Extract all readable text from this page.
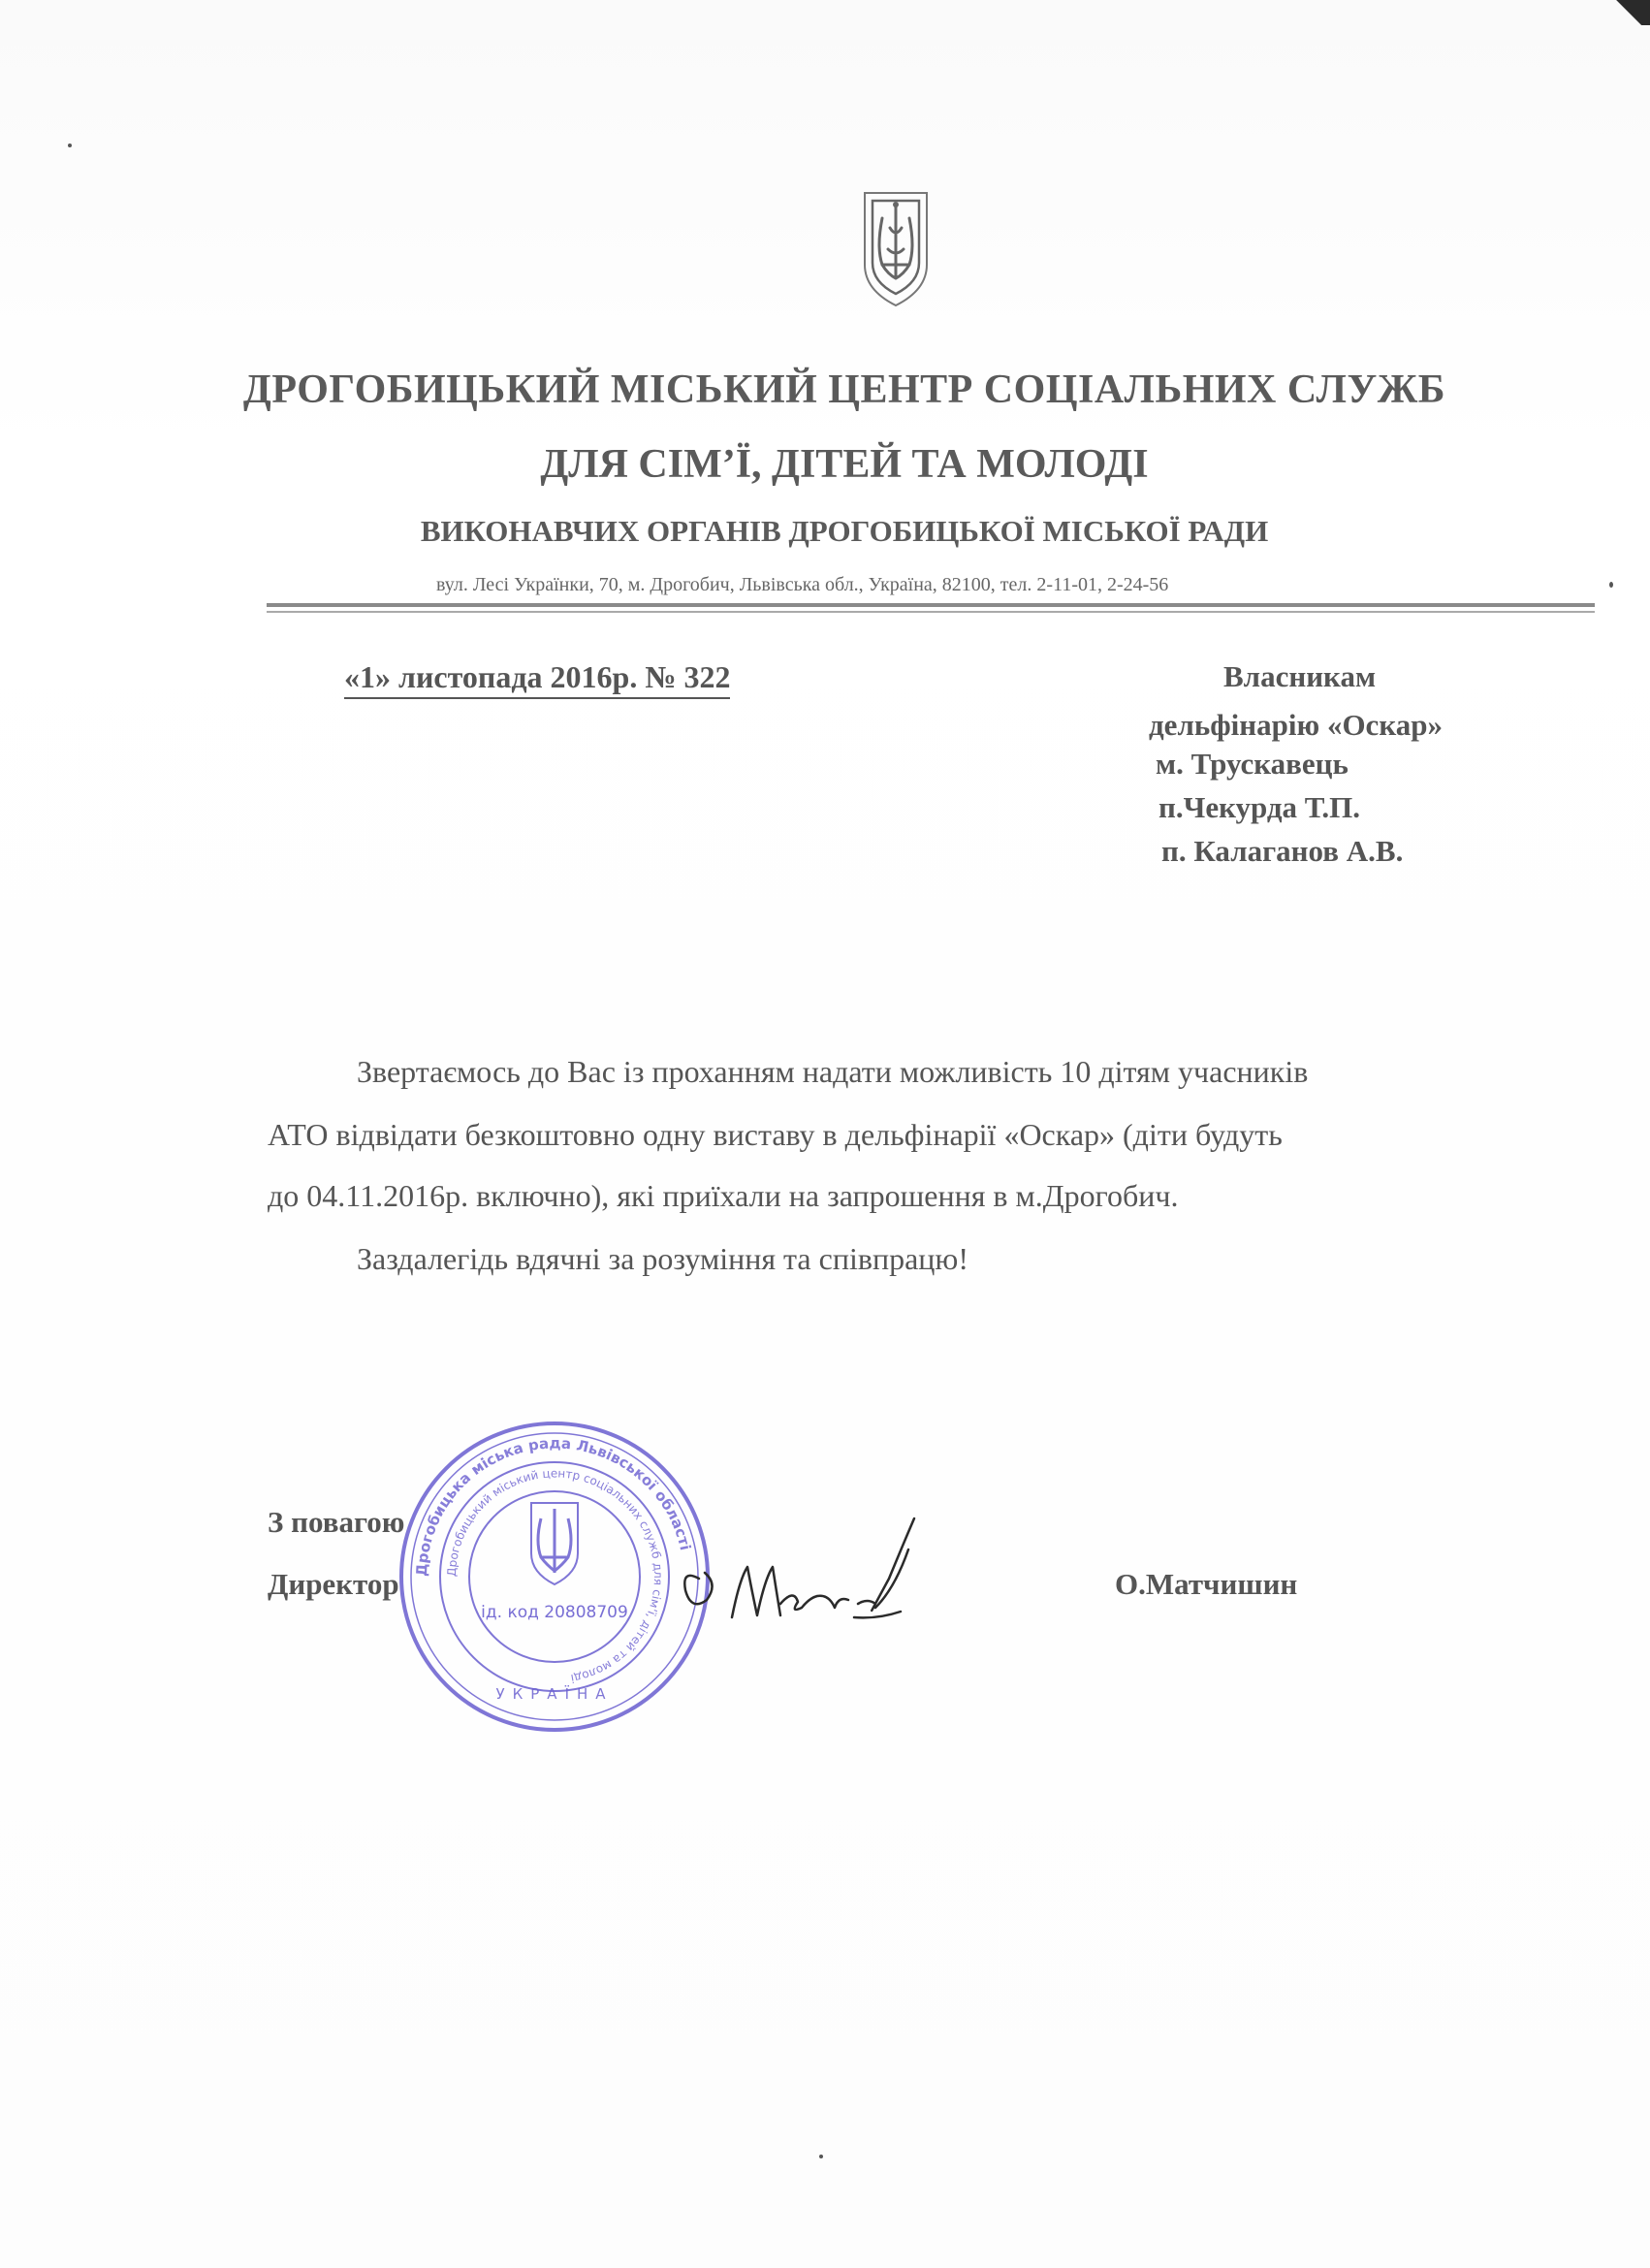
ДРОГОБИЦЬКИЙ МІСЬКИЙ ЦЕНТР СОЦІАЛЬНИХ СЛУЖБ
ДЛЯ СІМ’Ї, ДІТЕЙ ТА МОЛОДІ
ВИКОНАВЧИХ ОРГАНІВ ДРОГОБИЦЬКОЇ МІСЬКОЇ РАДИ
вул. Лесі Українки, 70, м. Дрогобич, Львівська обл., Україна, 82100, тел. 2-11-01, 2-24-56
«1» листопада 2016р. № 322	Власникам
дельфінарію «Оскар»
м. Трускавець
п.Чекурда Т.П.
п. Калаганов А.В.
Звертаємось до Вас із проханням надати можливість 10 дітям учасників
АТО відвідати безкоштовно одну виставу в дельфінарії «Оскар» (діти будуть
до 04.11.2016р. включно), які приїхали на запрошення в м.Дрогобич.
Заздалегідь вдячні за розуміння та співпрацю!
З повагою
Директор	О.Матчишин
Дрогобицька міська рада Львівської області
Дрогобицький міський центр соціальних служб для сім'ї, дітей та молоді
ід. код 20808709
УКРАЇНА
